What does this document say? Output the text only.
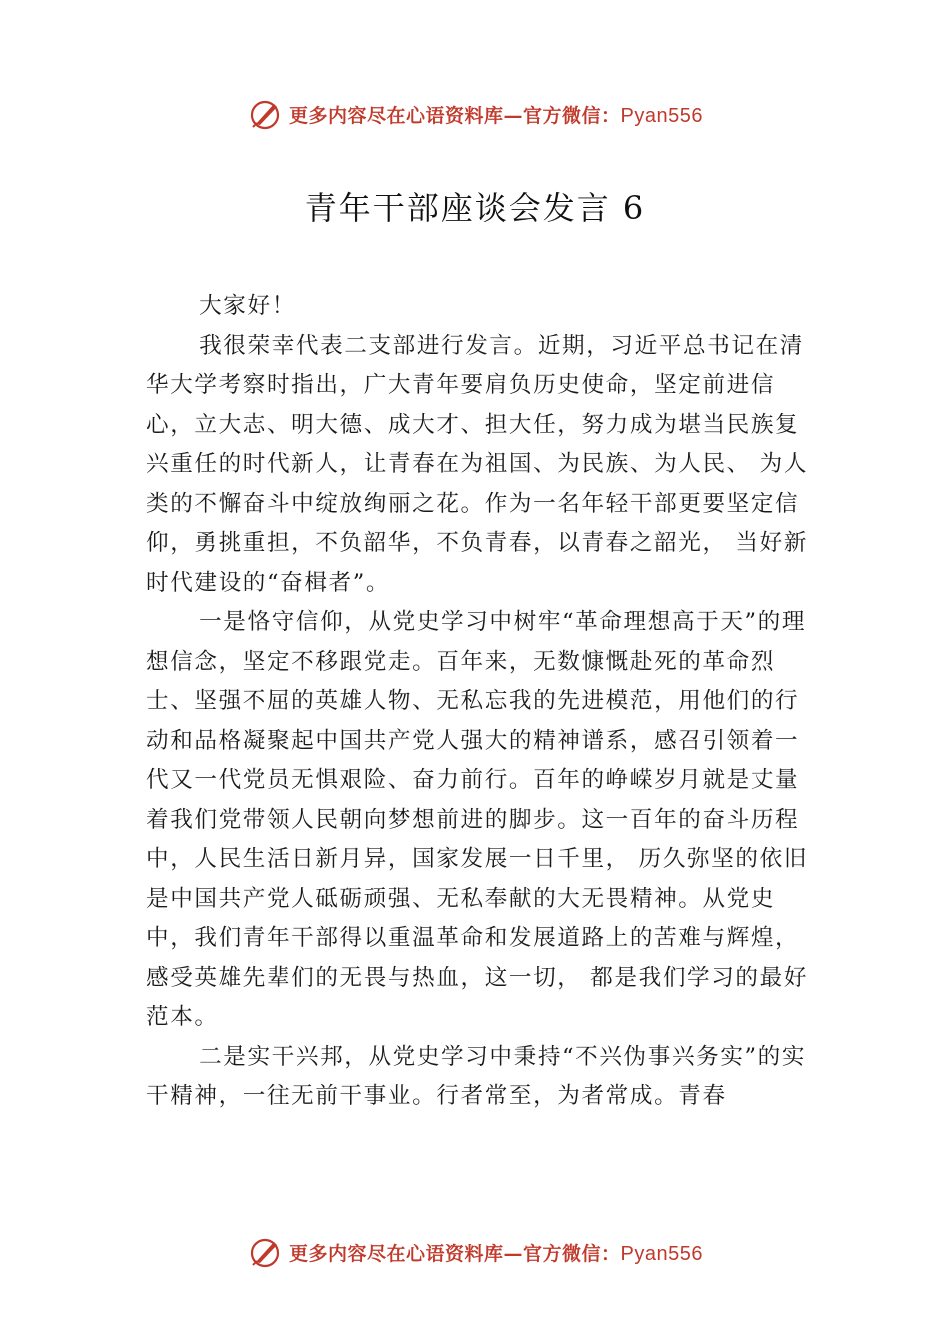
更多内容尽在心语资料库—官方微信：Pyan556
青年干部座谈会发言 6

大家好！

我很荣幸代表二支部进行发言。近期，习近平总书记在清华大学考察时指出，广大青年要肩负历史使命，坚定前进信心，立大志、明大德、成大才、担大任，努力成为堪当民族复兴重任的时代新人，让青春在为祖国、为民族、为人民、 为人类的不懈奋斗中绽放绚丽之花。作为一名年轻干部更要坚定信仰，勇挑重担，不负韶华，不负青春，以青春之韶光， 当好新时代建设的“奋楫者”。

一是恪守信仰，从党史学习中树牢“革命理想高于天”的理想信念，坚定不移跟党走。百年来，无数慷慨赴死的革命烈士、坚强不屈的英雄人物、无私忘我的先进模范，用他们的行动和品格凝聚起中国共产党人强大的精神谱系，感召引领着一代又一代党员无惧艰险、奋力前行。百年的峥嵘岁月就是丈量着我们党带领人民朝向梦想前进的脚步。这一百年的奋斗历程中，人民生活日新月异，国家发展一日千里， 历久弥坚的依旧是中国共产党人砥砺顽强、无私奉献的大无畏精神。从党史中，我们青年干部得以重温革命和发展道路上的苦难与辉煌，感受英雄先辈们的无畏与热血，这一切， 都是我们学习的最好范本。

二是实干兴邦，从党史学习中秉持“不兴伪事兴务实”的实干精神，一往无前干事业。行者常至，为者常成。青春

更多内容尽在心语资料库—官方微信：Pyan556
